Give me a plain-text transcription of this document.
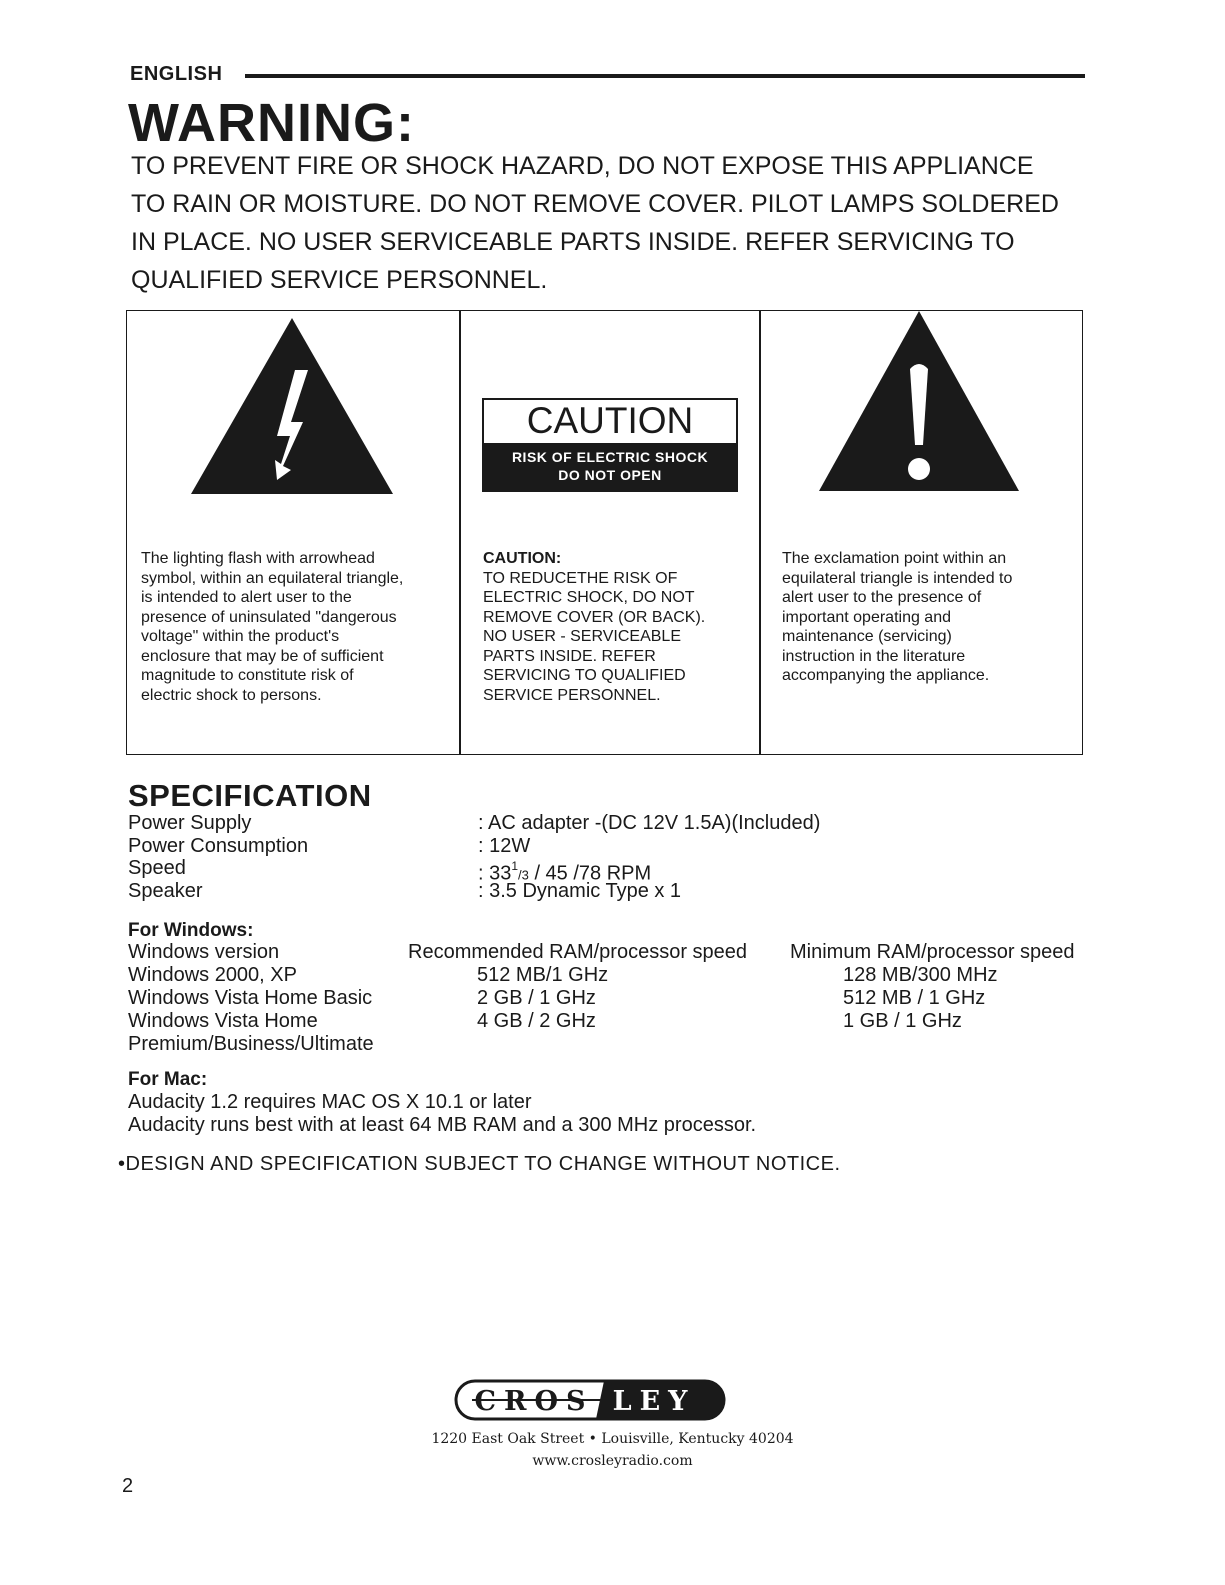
ENGLISH
WARNING:
TO PREVENT FIRE OR SHOCK HAZARD, DO NOT EXPOSE THIS APPLIANCE
TO RAIN OR MOISTURE. DO NOT REMOVE COVER. PILOT LAMPS SOLDERED
IN PLACE. NO USER SERVICEABLE PARTS INSIDE. REFER SERVICING TO
QUALIFIED SERVICE PERSONNEL.
The lighting flash with arrowhead
symbol, within an equilateral triangle,
is intended to alert user to the
presence of uninsulated "dangerous
voltage" within the product's
enclosure that may be of sufficient
magnitude to constitute risk of
electric shock to persons.
CAUTION
RISK OF ELECTRIC SHOCK
DO NOT OPEN
CAUTION:
TO REDUCETHE RISK OF
ELECTRIC SHOCK, DO NOT
REMOVE COVER (OR BACK).
NO USER - SERVICEABLE
PARTS INSIDE. REFER
SERVICING TO QUALIFIED
SERVICE PERSONNEL.
The exclamation point within an
equilateral triangle is intended to
alert user to the presence of
important operating and
maintenance (servicing)
instruction in the literature
accompanying the appliance.
SPECIFICATION
Power Supply	: AC adapter -(DC 12V 1.5A)(Included)
Power Consumption	: 12W
Speed	: $33^1/3 / 45$ /78 RPM
Speaker	: 3.5 Dynamic Type x 1
For Windows:
Windows version	Recommended RAM/processor speed Minimum RAM/processor speed
Windows 2000, XP	512 MB/1 GHz	128 MB/300 MHz
Windows Vista Home Basic	2 GB / 1 GHz	512 MB / 1 GHz
Windows Vista Home	4 GB / 2 GHz	1 GB / 1 GHz
Premium/Business/Ultimate
For Mac:
Audacity 1.2 requires MAC OS X 10.1 or later
Audacity runs best with at least 64 MB RAM and a 300 MHz processor.
•DESIGN AND SPECIFICATION SUBJECT TO CHANGE WITHOUT NOTICE.
CROS LEY
1220 East Oak Street • Louisville, Kentucky 40204
www.crosleyradio.com
2
